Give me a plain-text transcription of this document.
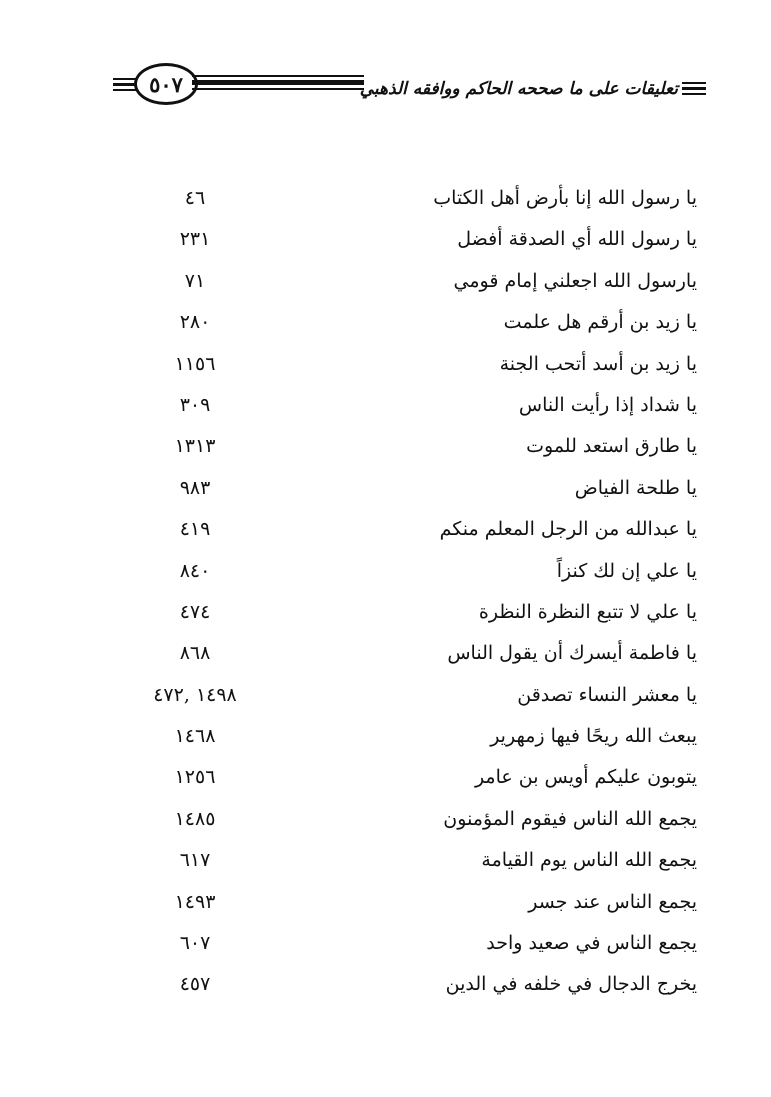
٥٠٧	تعليقات على ما صححه الحاكم ووافقه الذهبي
يا رسول الله إنا بأرض أهل الكتاب
٤٦
يا رسول الله أي الصدقة أفضل
٢٣١
يارسول الله اجعلني إمام قومي
٧١
يا زيد بن أرقم هل علمت
٢٨٠
يا زيد بن أسد أتحب الجنة
١١٥٦
يا شداد إذا رأيت الناس
٣٠٩
يا طارق استعد للموت
١٣١٣
يا طلحة الفياض
٩٨٣
يا عبدالله من الرجل المعلم منكم
٤١٩
يا علي إن لك كنزاً
٨٤٠
يا علي لا تتبع النظرة النظرة
٤٧٤
يا فاطمة أيسرك أن يقول الناس
٨٦٨
يا معشر النساء تصدقن
١٤٩٨ ,٤٧٢
يبعث الله ريحًا فيها زمهرير
١٤٦٨
يتوبون عليكم أويس بن عامر
١٢٥٦
يجمع الله الناس فيقوم المؤمنون
١٤٨٥
يجمع الله الناس يوم القيامة
٦١٧
يجمع الناس عند جسر
١٤٩٣
يجمع الناس في صعيد واحد
٦٠٧
يخرج الدجال في خلفه في الدين
٤٥٧
